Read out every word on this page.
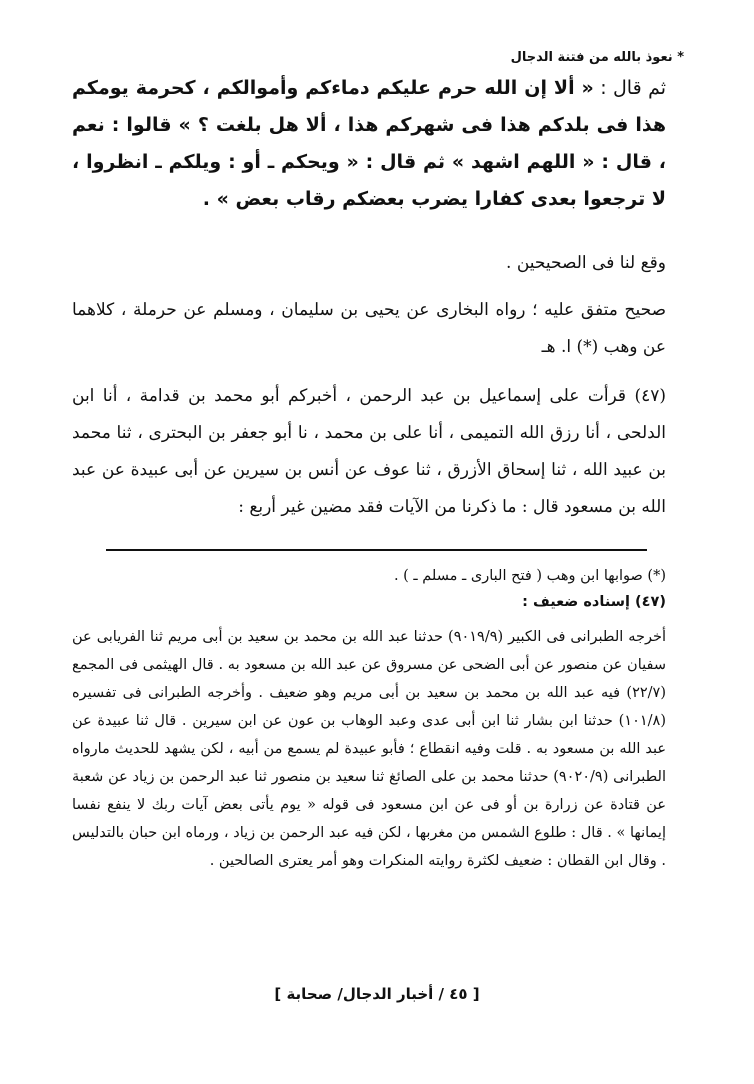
* نعوذ بالله من فتنة الدجال

ثم قال : « ألا إن الله حرم عليكم دماءكم وأموالكم ، كحرمة يومكم هذا فى بلدكم هذا فى شهركم هذا ، ألا هل بلغت ؟ » قالوا : نعم ، قال : « اللهم اشهد » ثم قال : « ويحكم ـ أو : ويلكم ـ انظروا ، لا ترجعوا بعدى كفارا يضرب بعضكم رقاب بعض » .

وقع لنا فى الصحيحين .

صحيح متفق عليه ؛ رواه البخارى عن يحيى بن سليمان ، ومسلم عن حرملة ، كلاهما عن وهب (*) ا. هـ

(٤٧) قرأت على إسماعيل بن عبد الرحمن ، أخبركم أبو محمد بن قدامة ، أنا ابن الدلحى ، أنا رزق الله التميمى ، أنا على بن محمد ، نا أبو جعفر بن البحترى ، ثنا محمد بن عبيد الله ، ثنا إسحاق الأزرق ، ثنا عوف عن أنس بن سيرين عن أبى عبيدة عن عبد الله بن مسعود قال : ما ذكرنا من الآيات فقد مضين غير أربع :

(*) صوابها ابن وهب ( فتح البارى ـ مسلم ـ ) .

(٤٧) إسناده ضعيف :

أخرجه الطبرانى فى الكبير (٩٠١٩/٩) حدثنا عبد الله بن محمد بن سعيد بن أبى مريم ثنا الفريابى عن سفيان عن منصور عن أبى الضحى عن مسروق عن عبد الله بن مسعود به . قال الهيثمى فى المجمع (٢٢/٧) فيه عبد الله بن محمد بن سعيد بن أبى مريم وهو ضعيف . وأخرجه الطبرانى فى تفسيره (١٠١/٨) حدثنا ابن بشار ثنا ابن أبى عدى وعبد الوهاب بن عون عن ابن سيرين . قال ثنا عبيدة عن عبد الله بن مسعود به . قلت وفيه انقطاع ؛ فأبو عبيدة لم يسمع من أبيه ، لكن يشهد للحديث مارواه الطبرانى (٩٠٢٠/٩) حدثنا محمد بن على الصائغ ثنا سعيد بن منصور ثنا عبد الرحمن بن زياد عن شعبة عن قتادة عن زرارة بن أو فى عن ابن مسعود فى قوله « يوم يأتى بعض آيات ربك لا ينفع نفسا إيمانها » . قال : طلوع الشمس من مغربها ، لكن فيه عبد الرحمن بن زياد ، ورماه ابن حبان بالتدليس . وقال ابن القطان : ضعيف لكثرة روايته المنكرات وهو أمر يعترى الصالحين .

[ ٤٥ / أخبار الدجال/ صحابة ]
